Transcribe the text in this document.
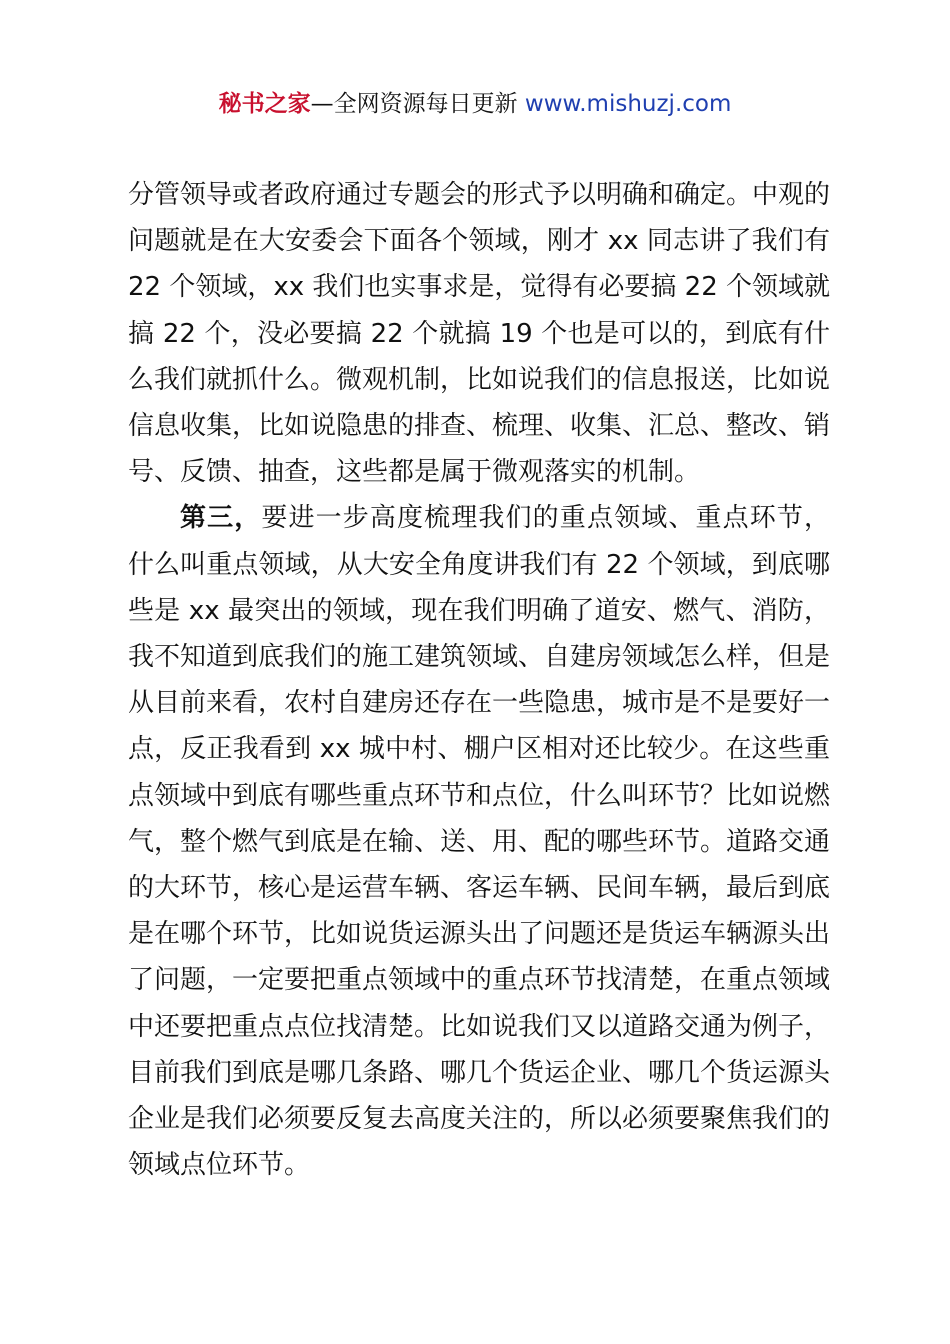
秘书之家—全网资源每日更新 www.mishuzj.com

分管领导或者政府通过专题会的形式予以明确和确定。中观的问题就是在大安委会下面各个领域，刚才 xx 同志讲了我们有 22 个领域，xx 我们也实事求是，觉得有必要搞 22 个领域就搞 22 个，没必要搞 22 个就搞 19 个也是可以的，到底有什么我们就抓什么。微观机制，比如说我们的信息报送，比如说信息收集，比如说隐患的排查、梳理、收集、汇总、整改、销号、反馈、抽查，这些都是属于微观落实的机制。

第三，要进一步高度梳理我们的重点领域、重点环节，什么叫重点领域，从大安全角度讲我们有 22 个领域，到底哪些是 xx 最突出的领域，现在我们明确了道安、燃气、消防，我不知道到底我们的施工建筑领域、自建房领域怎么样，但是从目前来看，农村自建房还存在一些隐患，城市是不是要好一点，反正我看到 xx 城中村、棚户区相对还比较少。在这些重点领域中到底有哪些重点环节和点位，什么叫环节？比如说燃气，整个燃气到底是在输、送、用、配的哪些环节。道路交通的大环节，核心是运营车辆、客运车辆、民间车辆，最后到底是在哪个环节，比如说货运源头出了问题还是货运车辆源头出了问题，一定要把重点领域中的重点环节找清楚，在重点领域中还要把重点点位找清楚。比如说我们又以道路交通为例子，目前我们到底是哪几条路、哪几个货运企业、哪几个货运源头企业是我们必须要反复去高度关注的，所以必须要聚焦我们的领域点位环节。
